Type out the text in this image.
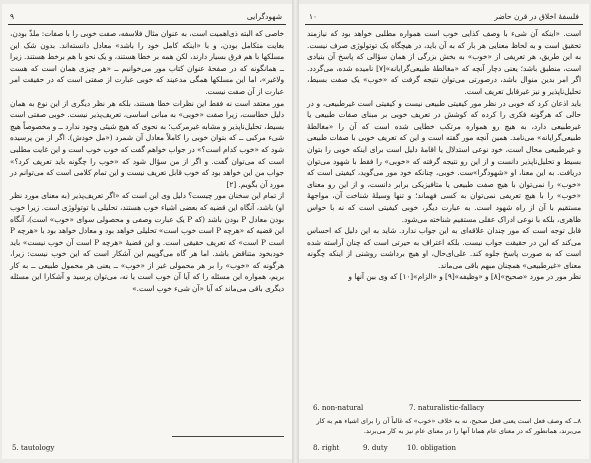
۹	شهودگرایی

خاصی که البته ذی‌اهمیت است، به عنوان مثال فلاسفه، صفت خوبی را با صفات: ملذّ بودن، بغایت متکامل بودن، و با «اینکه کامل خود را باشد» معادل دانسته‌اند. بدون شک این مسلکها با هم فرق بسیار دارند، لکن همه بر خطا هستند، و یک نحو با هم برخط هستند. زیرا ــ همانگونه که در صفحهٔ عنوان کتاب مور می‌خوانیم ــ «هر چیزی همان است که هست ولاغیر»، اما این مسلکها همگی مدعیند که خوبی عبارت از صفتی است که در حقیقت امر عبارت از آن صفت نیست.

مور معتقد است نه فقط این نظرات خطا هستند، بلکه هر نظر دیگری از این نوع به همان دلیل خطاست، زیرا صفت «خوبی» به مبانی اساسی، تعریف‌پذیر نیست. خوبی صفتی است بسیط، تحلیل‌ناپذیر و مشابه غیرمرکب؛ به نحوی که هیچ شیئی وجود ندارد ــ و مخصوصاً هیچ شیء مرکبی ــ که بتوان خوبی را کاملاً معادل آن شمرد («مل خودش). اگر از من پرسیده شود که «خوب کدام است؟» در جواب خواهم گفت که خوب خوب است و این غایت مطلبی است که می‌توان گفت. و اگر از من سؤال شود که «خوب را چگونه باید تعریف کرد؟» جواب من این خواهد بود که خوب قابل تعریف نیست و این تمام کلامی است که می‌توانم در مورد آن بگویم. [۲]

از تمام این سخنان مور چیست؟ دلیل وی این است که «اگر تعریف‌پذیر (به معنای مورد نظر او) باشد، آنگاه این قضیه که بعضی اشیاء خوب هستند، تحلیلی یا توتولوژی است. زیرا خوب بودن معادل P بودن باشد (که P یک عبارت وصفی و محصولی سوای «خوب» است)، آنگاه این قضیه که «هرچه P است خوب است» تحلیلی خواهد بود و معادل خواهد بود با «هرچه P است P است» که تعریف حقیقی است. و این قضیهٔ «هرچه P است آن خوب نیست» باید خودبخود متناقض باشد. اما هر گاه می‌گوییم این آشکار است که این خوب نیست: زیرا، هرگونه که «خوب» را بر هر محمولی غیر از «خوب» ــ یعنی هر محمول طبیعی ــ به کار بریم، همواره این مسئله را که آیا آن خوب است یا نه، می‌توان پرسید و آشکارا این مسئله دیگری باقی می‌ماند که آیا «آن شیء خوب است.»

5. tautology
۱۰	فلسفهٔ اخلاق در قرن حاضر

است. «اینکه آن شیء با وصف کذایی خوب است همواره مطلبی خواهد بود که نیازمند تحقیق است و به لحاظ معنایی هر بار که به آن باید، در هیچگاه یک توتولوژی صرف نیست. به این طریق، هر تعریفی از «خوب» به بخش بزرگی از همان سؤالی که پاسخ آن بنیادی است، منطبق باشد؛ یعنی دچار آنچه که «مغالطهٔ طبیعی‌گرایانه»[۷] نامیده شده، می‌گردد. اگر امر بدین منوال باشد، درصورتی می‌توان نتیجه گرفت که «خوب» یک صفت بسیط، تحلیل‌ناپذیر و نیز غیرقابل تعریف است.

باید اذعان کرد که خوبی در نظر مور کیفیتی طبیعی نیست و کیفیتی است غیرطبیعی، و در حالی که هرگونه فکری را کرده که کوشش در تعریف خوبی بر مبنای صفات طبیعی یا غیرطبیعی دارد، به هیچ رو همواره مرتکب خطایی شده است که آن را «مغالطهٔ طبیعی‌گرایانه» می‌نامد. همین آنچه مور گفته است و این که تعریف خوبی با صفات طبیعی و غیرطبیعی محال است، خود نوعی استدلال یا اقامهٔ دلیل است برای اینکه خوبی را بتوان بسیط و تحلیل‌ناپذیر دانست و از این رو نتیجه گرفته که «خوبی» را فقط با شهود می‌توان دریافت. به این معنا، او «شهودگرا»ست. خوبی، چنانکه خود مور می‌گوید، کیفیتی است که «خوب» را نمی‌توان با هیچ صفت طبیعی یا متافیزیکی برابر دانست، و از این رو معنای «خوب» را با هیچ تعریفی نمی‌توان به کسی فهماند؛ و تنها وسیلهٔ شناخت آن، مواجههٔ مستقیم با آن از راه شهود است. به عبارت دیگر، خوبی کیفیتی است که نه با حواس ظاهری، بلکه با نوعی ادراک عقلی مستقیم شناخته می‌شود.

قابل توجه است که مور چندان علاقه‌ای به این جواب ندارد. شاید به این دلیل که احساس می‌کند که این در حقیقت جواب نیست. بلکه اعتراف به حیرتی است که چنان آراسته شده است که به صورت پاسخ جلوه کند. علی‌ای‌حال، او هیچ برداشت روشنی از اینکه چگونه معنای «غیرطبیعی» همچنان مبهم باقی می‌ماند.

نظر مور در مورد «صحیح»[۸] و «وظیفه»[۹] و «الزام»[۱۰] که وی بین آنها و

6. non-natural	7. naturalistic-fallacy
۸ــ که وصف فعل است یعنی فعل صحیح، نه به خلاف «خوب» که غالباً آن را برای اشیاء هم به کار می‌برند، همانطور که در معنای عام همانا آنها را در معنای عام نیز به کار می‌برند.
8. right	9. duty	10. obligation
